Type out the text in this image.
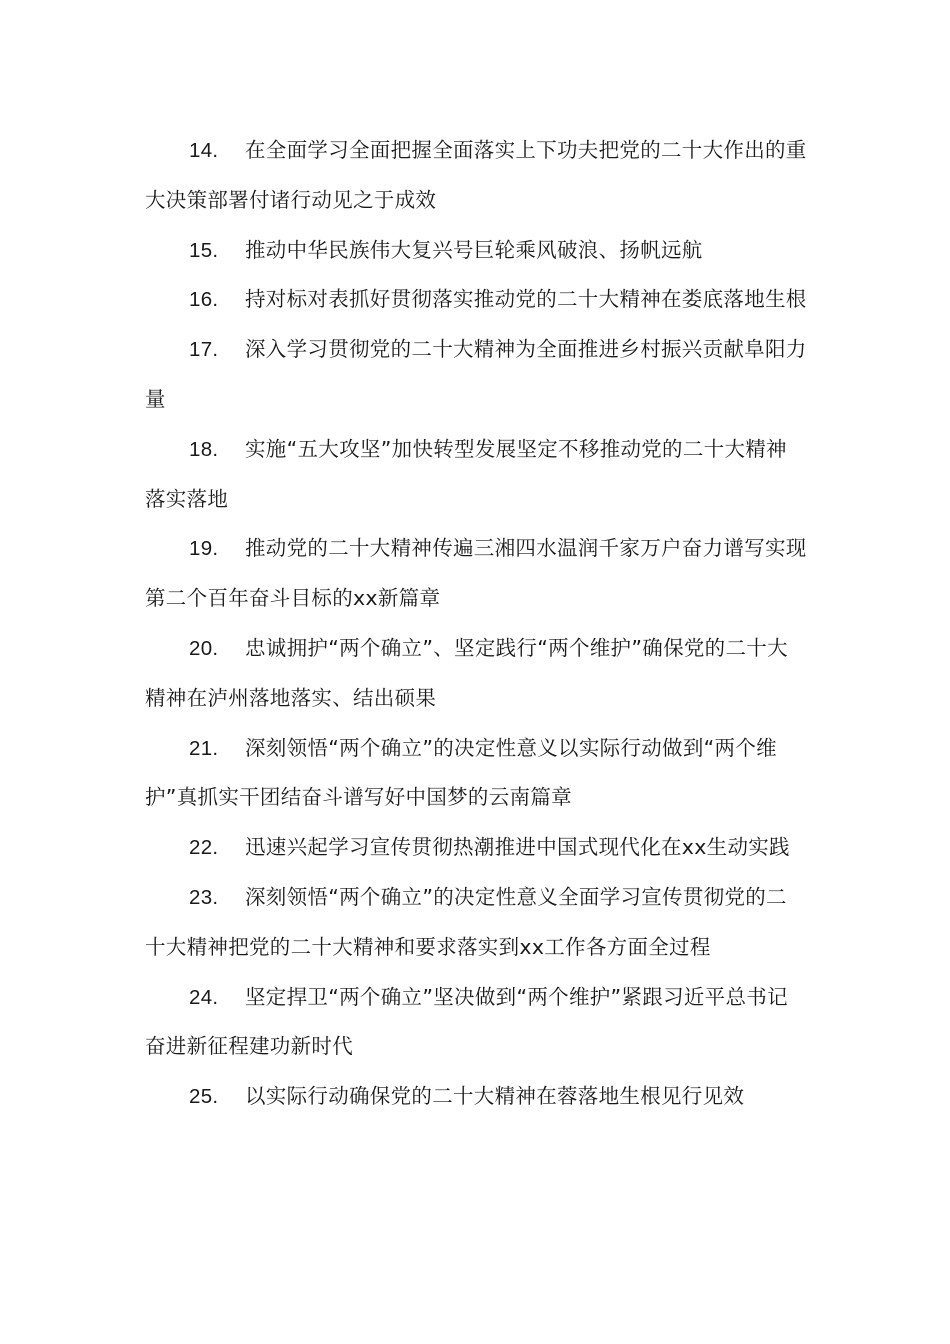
14. 在全面学习全面把握全面落实上下功夫把党的二十大作出的重大决策部署付诸行动见之于成效
15. 推动中华民族伟大复兴号巨轮乘风破浪、扬帆远航
16. 持对标对表抓好贯彻落实推动党的二十大精神在娄底落地生根
17. 深入学习贯彻党的二十大精神为全面推进乡村振兴贡献阜阳力量
18. 实施“五大攻坚”加快转型发展坚定不移推动党的二十大精神落实落地
19. 推动党的二十大精神传遍三湘四水温润千家万户奋力谱写实现第二个百年奋斗目标的xx新篇章
20. 忠诚拥护“两个确立”、坚定践行“两个维护”确保党的二十大精神在泸州落地落实、结出硕果
21. 深刻领悟“两个确立”的决定性意义以实际行动做到“两个维护”真抓实干团结奋斗谱写好中国梦的云南篇章
22. 迅速兴起学习宣传贯彻热潮推进中国式现代化在xx生动实践
23. 深刻领悟“两个确立”的决定性意义全面学习宣传贯彻党的二十大精神把党的二十大精神和要求落实到xx工作各方面全过程
24. 坚定捍卫“两个确立”坚决做到“两个维护”紧跟习近平总书记奋进新征程建功新时代
25. 以实际行动确保党的二十大精神在蓉落地生根见行见效
